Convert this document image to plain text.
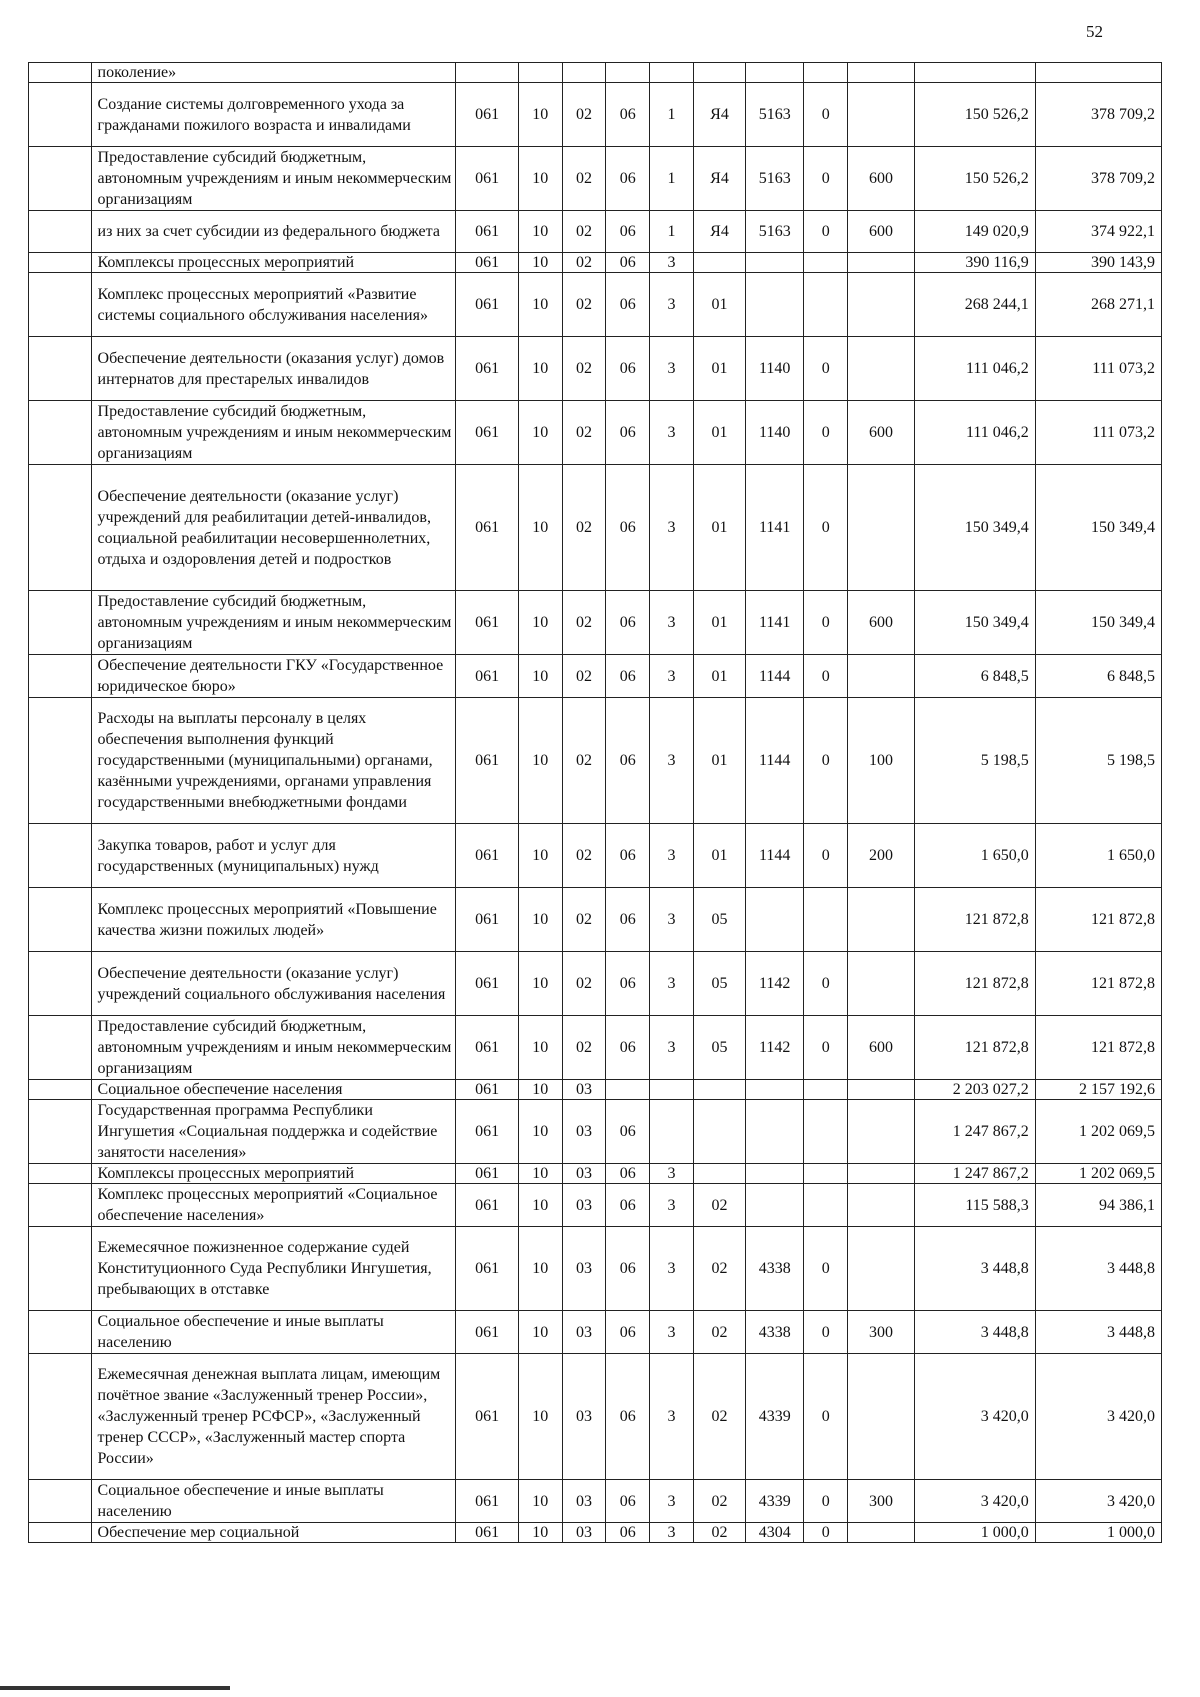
52
	поколение»											
	Создание системы долговременного ухода за гражданами пожилого возраста и инвалидами	061	10	02	06	1	Я4	5163	0		150 526,2	378 709,2
	Предоставление субсидий бюджетным, автономным учреждениям и иным некоммерческим организациям	061	10	02	06	1	Я4	5163	0	600	150 526,2	378 709,2
	из них за счет субсидии из федерального бюджета	061	10	02	06	1	Я4	5163	0	600	149 020,9	374 922,1
	Комплексы процессных мероприятий	061	10	02	06	3					390 116,9	390 143,9
	Комплекс процессных мероприятий «Развитие системы социального обслуживания населения»	061	10	02	06	3	01				268 244,1	268 271,1
	Обеспечение деятельности (оказания услуг) домов интернатов для престарелых инвалидов	061	10	02	06	3	01	1140	0		111 046,2	111 073,2
	Предоставление субсидий бюджетным, автономным учреждениям и иным некоммерческим организациям	061	10	02	06	3	01	1140	0	600	111 046,2	111 073,2
	Обеспечение деятельности (оказание услуг) учреждений для реабилитации детей-инвалидов, социальной реабилитации несовершеннолетних, отдыха и оздоровления детей и подростков	061	10	02	06	3	01	1141	0		150 349,4	150 349,4
	Предоставление субсидий бюджетным, автономным учреждениям и иным некоммерческим организациям	061	10	02	06	3	01	1141	0	600	150 349,4	150 349,4
	Обеспечение деятельности ГКУ «Государственное юридическое бюро»	061	10	02	06	3	01	1144	0		6 848,5	6 848,5
	Расходы на выплаты персоналу в целях обеспечения выполнения функций государственными (муниципальными) органами, казёнными учреждениями, органами управления государственными внебюджетными фондами	061	10	02	06	3	01	1144	0	100	5 198,5	5 198,5
	Закупка товаров, работ и услуг для государственных (муниципальных) нужд	061	10	02	06	3	01	1144	0	200	1 650,0	1 650,0
	Комплекс процессных мероприятий «Повышение качества жизни пожилых людей»	061	10	02	06	3	05				121 872,8	121 872,8
	Обеспечение деятельности (оказание услуг) учреждений социального обслуживания населения	061	10	02	06	3	05	1142	0		121 872,8	121 872,8
	Предоставление субсидий бюджетным, автономным учреждениям и иным некоммерческим организациям	061	10	02	06	3	05	1142	0	600	121 872,8	121 872,8
	Социальное обеспечение населения	061	10	03							2 203 027,2	2 157 192,6
	Государственная программа Республики Ингушетия «Социальная поддержка и содействие занятости населения»	061	10	03	06						1 247 867,2	1 202 069,5
	Комплексы процессных мероприятий	061	10	03	06	3					1 247 867,2	1 202 069,5
	Комплекс процессных мероприятий «Социальное обеспечение населения»	061	10	03	06	3	02				115 588,3	94 386,1
	Ежемесячное пожизненное содержание судей Конституционного Суда Республики Ингушетия, пребывающих в отставке	061	10	03	06	3	02	4338	0		3 448,8	3 448,8
	Социальное обеспечение и иные выплаты населению	061	10	03	06	3	02	4338	0	300	3 448,8	3 448,8
	Ежемесячная денежная выплата лицам, имеющим почётное звание «Заслуженный тренер России», «Заслуженный тренер РСФСР», «Заслуженный тренер СССР», «Заслуженный мастер спорта России»	061	10	03	06	3	02	4339	0		3 420,0	3 420,0
	Социальное обеспечение и иные выплаты населению	061	10	03	06	3	02	4339	0	300	3 420,0	3 420,0
	Обеспечение мер социальной	061	10	03	06	3	02	4304	0		1 000,0	1 000,0
